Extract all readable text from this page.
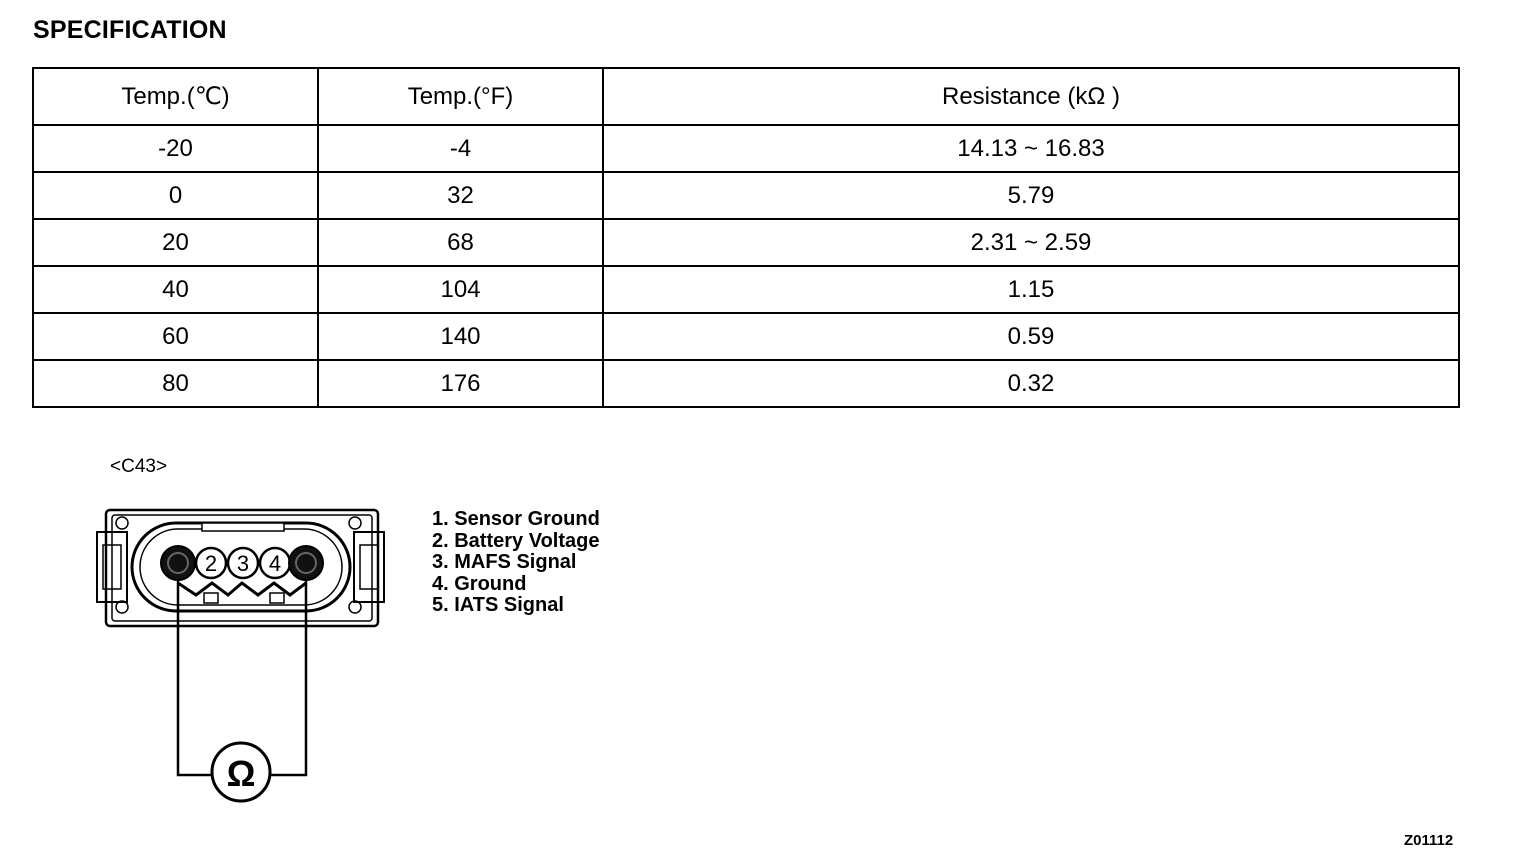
SPECIFICATION
Temp.(℃)	Temp.(°F)	Resistance (kΩ )
-20	-4	14.13 ~ 16.83
0	32	5.79
20	68	2.31 ~ 2.59
40	104	1.15
60	140	0.59
80	176	0.32
<C43>
2 3 4
Ω
1. Sensor Ground
2. Battery Voltage
3. MAFS Signal
4. Ground
5. IATS Signal
Z01112
